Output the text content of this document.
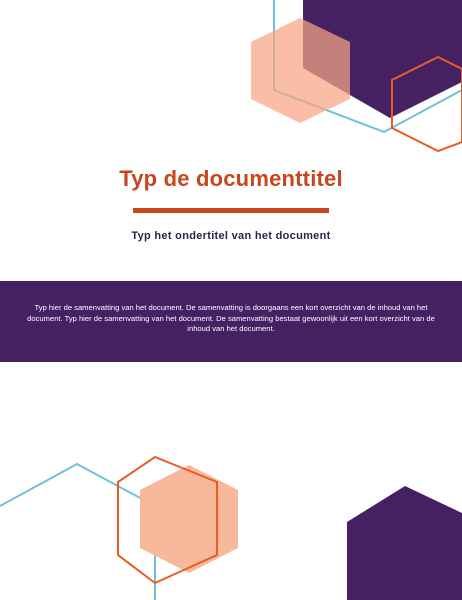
Typ de documenttitel
Typ het ondertitel van het document
Typ hier de samenvatting van het document. De samenvatting is doorgaans een kort overzicht van de inhoud van het document. Typ hier de samenvatting van het document. De samenvatting bestaat gewoonlijk uit een kort overzicht van de inhoud van het document.
